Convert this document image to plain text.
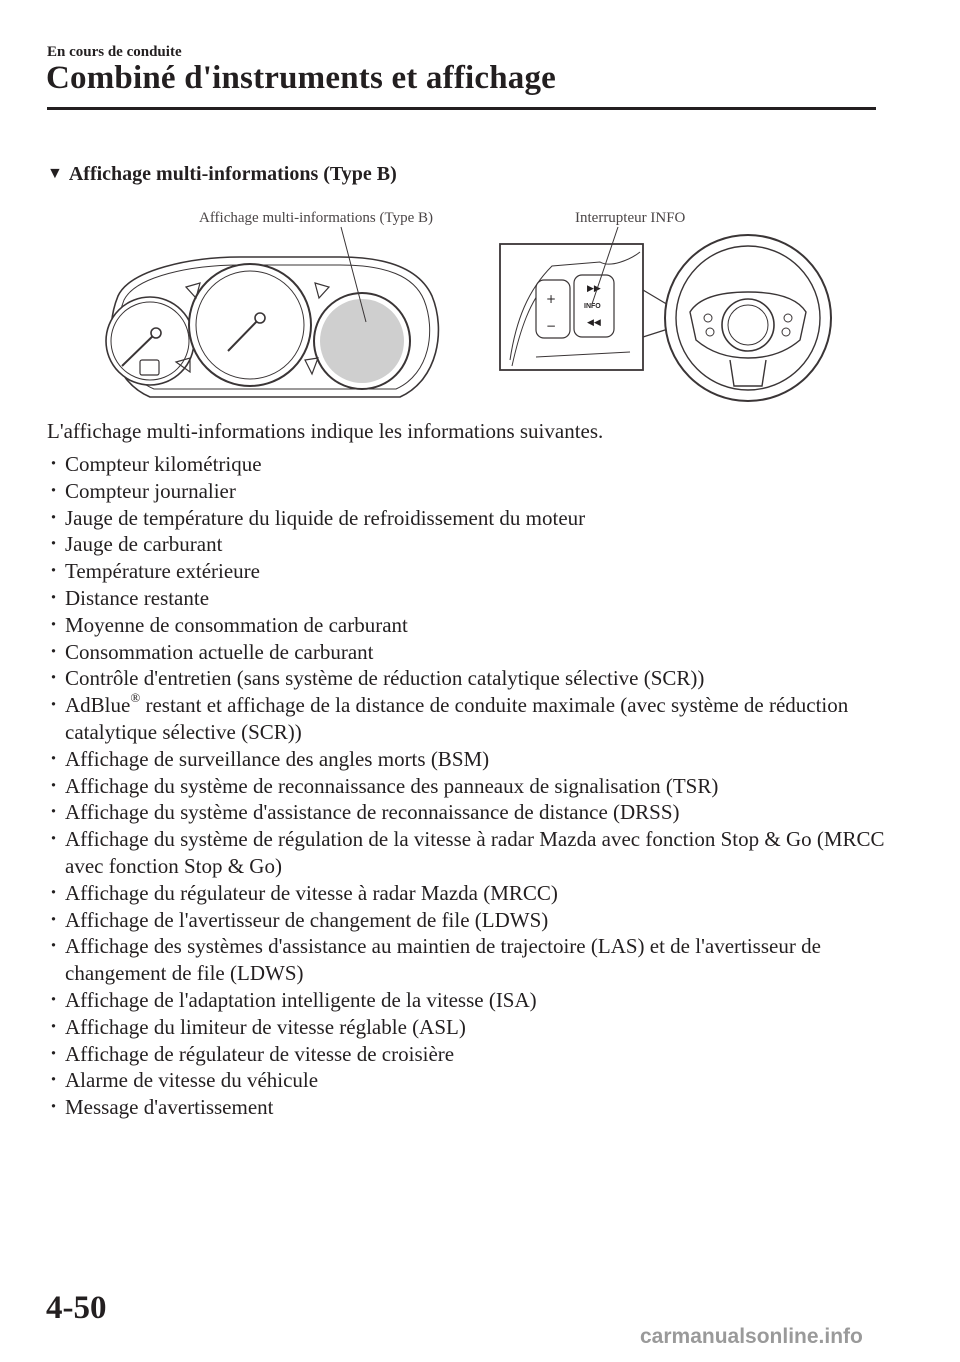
En cours de conduite
Combiné d'instruments et affichage
▼ Affichage multi-informations (Type B)
Affichage multi-informations (Type B)	Interrupteur INFO
+
−
▶▶
INFO
◀◀
L'affichage multi-informations indique les informations suivantes.
· Compteur kilométrique
· Compteur journalier
· Jauge de température du liquide de refroidissement du moteur
· Jauge de carburant
· Température extérieure
· Distance restante
· Moyenne de consommation de carburant
· Consommation actuelle de carburant
· Contrôle d'entretien (sans système de réduction catalytique sélective (SCR))
· AdBlue® restant et affichage de la distance de conduite maximale (avec système de réduction catalytique sélective (SCR))
· Affichage de surveillance des angles morts (BSM)
· Affichage du système de reconnaissance des panneaux de signalisation (TSR)
· Affichage du système d'assistance de reconnaissance de distance (DRSS)
· Affichage du système de régulation de la vitesse à radar Mazda avec fonction Stop & Go (MRCC avec fonction Stop & Go)
· Affichage du régulateur de vitesse à radar Mazda (MRCC)
· Affichage de l'avertisseur de changement de file (LDWS)
· Affichage des systèmes d'assistance au maintien de trajectoire (LAS) et de l'avertisseur de changement de file (LDWS)
· Affichage de l'adaptation intelligente de la vitesse (ISA)
· Affichage du limiteur de vitesse réglable (ASL)
· Affichage de régulateur de vitesse de croisière
· Alarme de vitesse du véhicule
· Message d'avertissement
4-50
carmanualsonline.info
